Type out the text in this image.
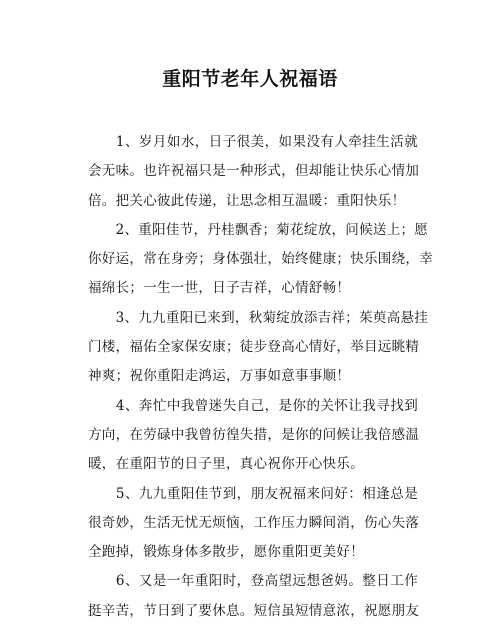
重阳节老年人祝福语
　　1、岁月如水，日子很美，如果没有人牵挂生活就
会无味。也许祝福只是一种形式，但却能让快乐心情加
倍。把关心彼此传递，让思念相互温暖：重阳快乐！
　　2、重阳佳节，丹桂飘香；菊花绽放，问候送上；愿
你好运，常在身旁；身体强壮，始终健康；快乐围绕，幸
福绵长；一生一世，日子吉祥，心情舒畅！
　　3、九九重阳已来到，秋菊绽放添吉祥；茱萸高悬挂
门楼，福佑全家保安康；徒步登高心情好，举目远眺精
神爽；祝你重阳走鸿运，万事如意事事顺！
　　4、奔忙中我曾迷失自己，是你的关怀让我寻找到
方向，在劳碌中我曾彷徨失措，是你的问候让我倍感温
暖，在重阳节的日子里，真心祝你开心快乐。
　　5、九九重阳佳节到，朋友祝福来问好：相逢总是
很奇妙，生活无忧无烦恼，工作压力瞬间消，伤心失落
全跑掉，锻炼身体多散步，愿你重阳更美好！
　　6、又是一年重阳时，登高望远想爸妈。整日工作
挺辛苦，节日到了要休息。短信虽短情意浓，祝愿朋友
